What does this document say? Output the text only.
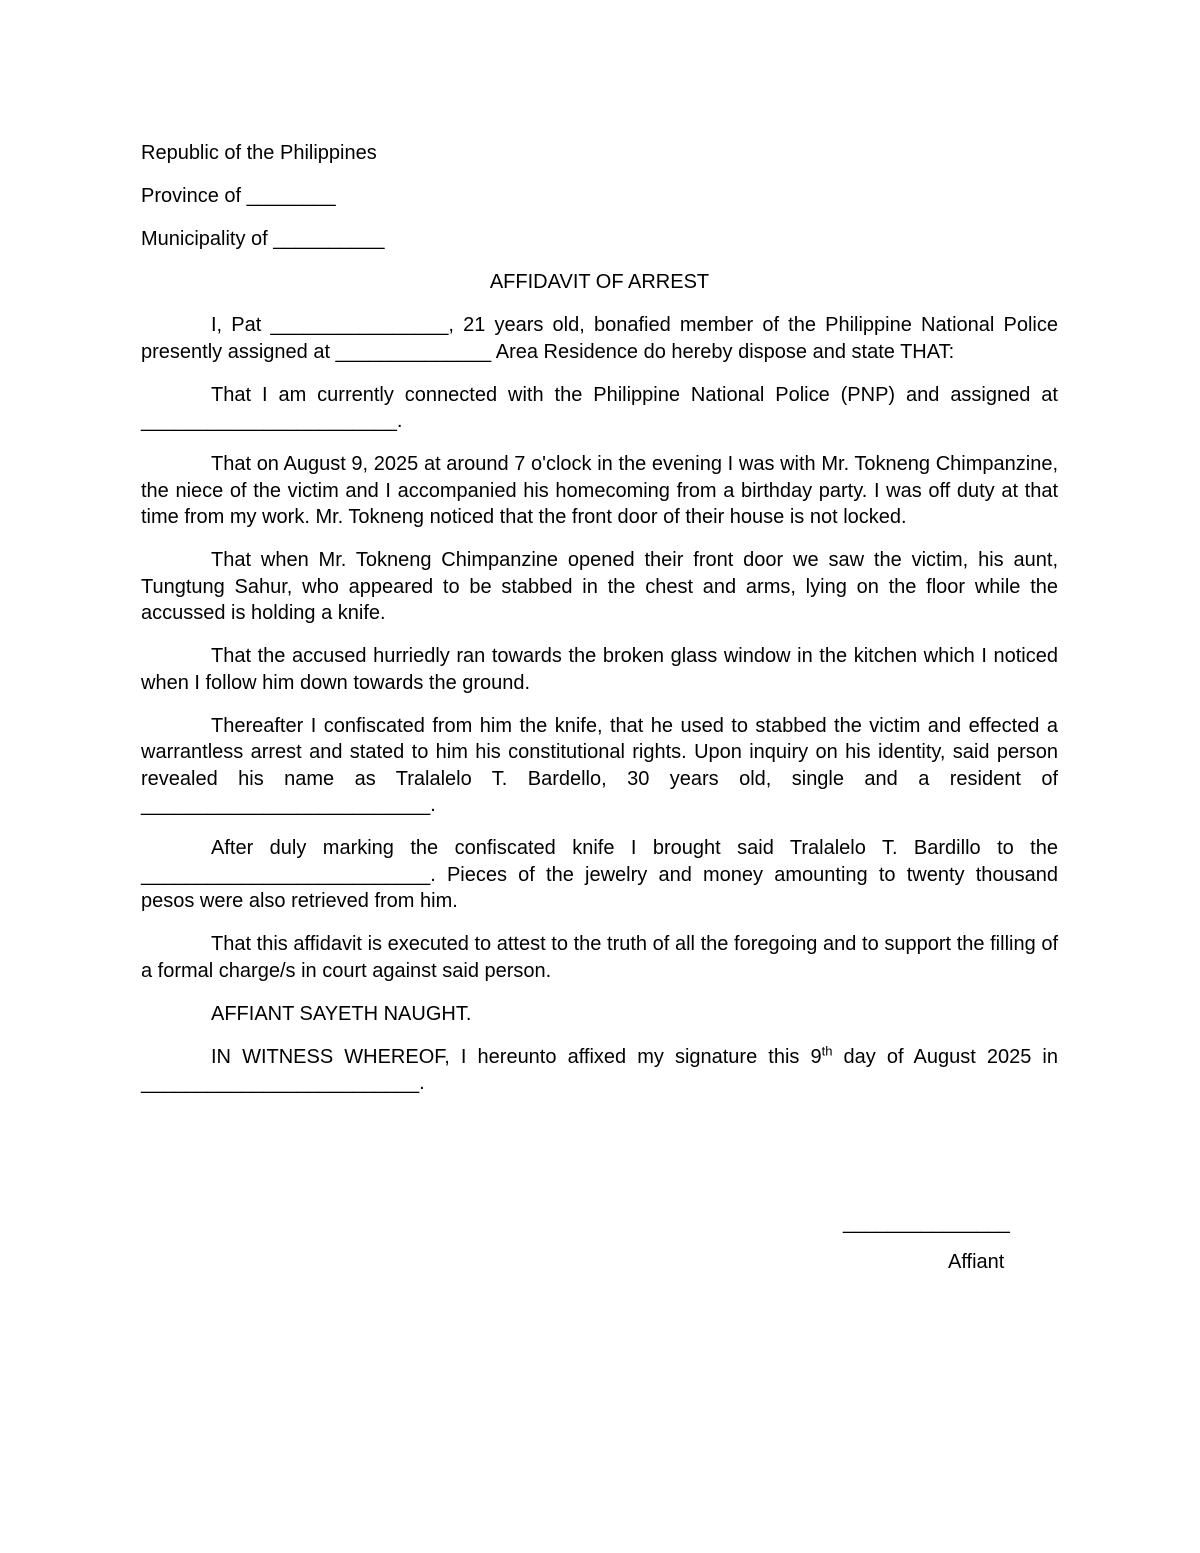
Republic of the Philippines
Province of ________
Municipality of __________
AFFIDAVIT OF ARREST

I, Pat ________________, 21 years old, bonafied member of the Philippine National Police presently assigned at ______________ Area Residence do hereby dispose and state THAT:

That I am currently connected with the Philippine National Police (PNP) and assigned at _______________________.

That on August 9, 2025 at around 7 o'clock in the evening I was with Mr. Tokneng Chimpanzine, the niece of the victim and I accompanied his homecoming from a birthday party. I was off duty at that time from my work. Mr. Tokneng noticed that the front door of their house is not locked.

That when Mr. Tokneng Chimpanzine opened their front door we saw the victim, his aunt, Tungtung Sahur, who appeared to be stabbed in the chest and arms, lying on the floor while the accussed is holding a knife.

That the accused hurriedly ran towards the broken glass window in the kitchen which I noticed when I follow him down towards the ground.

Thereafter I confiscated from him the knife, that he used to stabbed the victim and effected a warrantless arrest and stated to him his constitutional rights. Upon inquiry on his identity, said person revealed his name as Tralalelo T. Bardello, 30 years old, single and a resident of __________________________.

After duly marking the confiscated knife I brought said Tralalelo T. Bardillo to the __________________________. Pieces of the jewelry and money amounting to twenty thousand pesos were also retrieved from him.

That this affidavit is executed to attest to the truth of all the foregoing and to support the filling of a formal charge/s in court against said person.

AFFIANT SAYETH NAUGHT.

IN WITNESS WHEREOF, I hereunto affixed my signature this 9th day of August 2025 in _________________________.

_______________
Affiant
